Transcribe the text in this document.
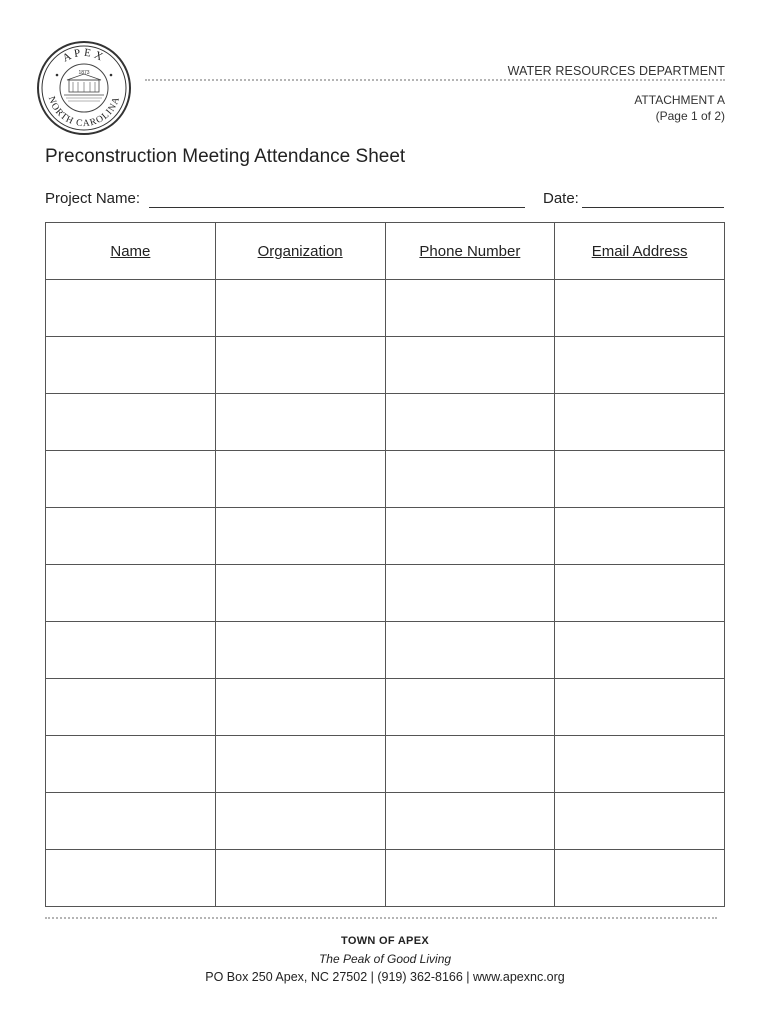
APEX
NORTH CAROLINA
1873	WATER RESOURCES DEPARTMENT
ATTACHMENT A
(Page 1 of 2)
Preconstruction Meeting Attendance Sheet
Project Name:	Date:
Name	Organization	Phone Number	Email Address

TOWN OF APEX
The Peak of Good Living
PO Box 250 Apex, NC 27502 | (919) 362-8166 | www.apexnc.org
